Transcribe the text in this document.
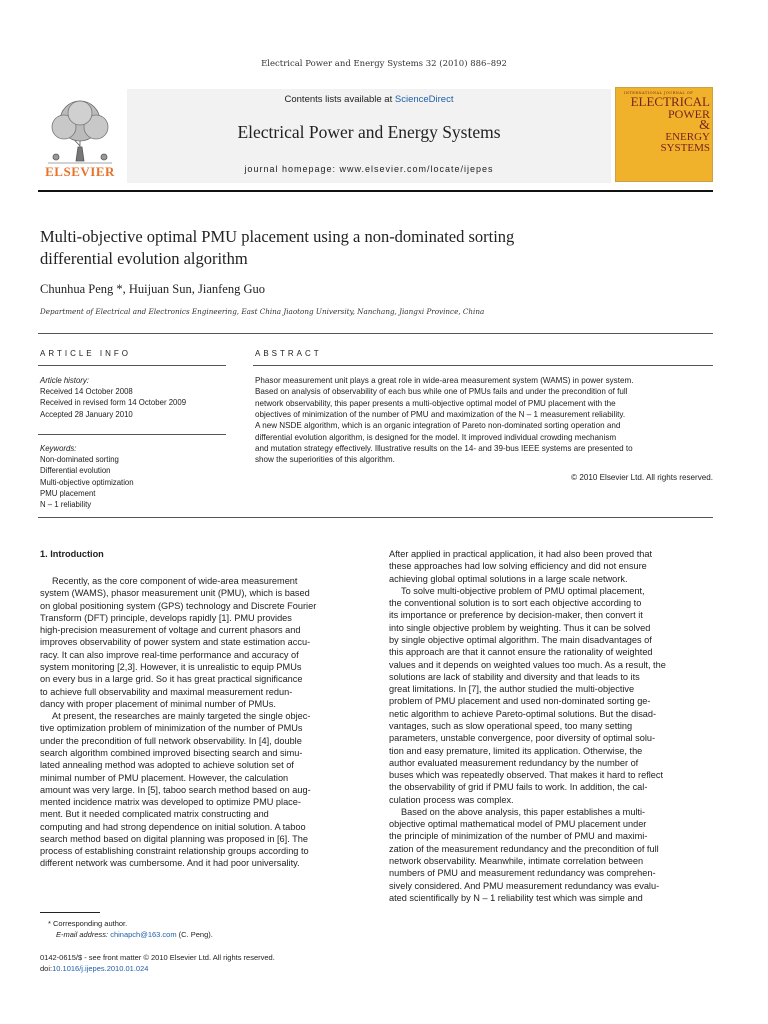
Electrical Power and Energy Systems 32 (2010) 886–892
ELSEVIER
Contents lists available at ScienceDirect
Electrical Power and Energy Systems
journal homepage: www.elsevier.com/locate/ijepes
INTERNATIONAL JOURNAL OF
ELECTRICAL
POWER
&
ENERGY
SYSTEMS
Multi-objective optimal PMU placement using a non-dominated sorting
differential evolution algorithm
Chunhua Peng *, Huijuan Sun, Jianfeng Guo
Department of Electrical and Electronics Engineering, East China Jiaotong University, Nanchang, Jiangxi Province, China
ARTICLE INFO
Article history:
Received 14 October 2008
Received in revised form 14 October 2009
Accepted 28 January 2010
Keywords:
Non-dominated sorting
Differential evolution
Multi-objective optimization
PMU placement
N – 1 reliability
ABSTRACT
Phasor measurement unit plays a great role in wide-area measurement system (WAMS) in power system.
Based on analysis of observability of each bus while one of PMUs fails and under the precondition of full
network observability, this paper presents a multi-objective optimal model of PMU placement with the
objectives of minimization of the number of PMU and maximization of the N – 1 measurement reliability.
A new NSDE algorithm, which is an organic integration of Pareto non-dominated sorting operation and
differential evolution algorithm, is designed for the model. It improved individual crowding mechanism
and mutation strategy effectively. Illustrative results on the 14- and 39-bus IEEE systems are presented to
show the superiorities of this algorithm.
© 2010 Elsevier Ltd. All rights reserved.
1. Introduction
Recently, as the core component of wide-area measurement
system (WAMS), phasor measurement unit (PMU), which is based
on global positioning system (GPS) technology and Discrete Fourier
Transform (DFT) principle, develops rapidly [1]. PMU provides
high-precision measurement of voltage and current phasors and
improves observability of power system and state estimation accu-
racy. It can also improve real-time performance and accuracy of
system monitoring [2,3]. However, it is unrealistic to equip PMUs
on every bus in a large grid. So it has great practical significance
to achieve full observability and maximal measurement redun-
dancy with proper placement of minimal number of PMUs.
At present, the researches are mainly targeted the single objec-
tive optimization problem of minimization of the number of PMUs
under the precondition of full network observability. In [4], double
search algorithm combined improved bisecting search and simu-
lated annealing method was adopted to achieve solution set of
minimal number of PMU placement. However, the calculation
amount was very large. In [5], taboo search method based on aug-
mented incidence matrix was developed to optimize PMU place-
ment. But it needed complicated matrix constructing and
computing and had strong dependence on initial solution. A taboo
search method based on digital planning was proposed in [6]. The
process of establishing constraint relationship groups according to
different network was cumbersome. And it had poor universality.
After applied in practical application, it had also been proved that
these approaches had low solving efficiency and did not ensure
achieving global optimal solutions in a large scale network.
To solve multi-objective problem of PMU optimal placement,
the conventional solution is to sort each objective according to
its importance or preference by decision-maker, then convert it
into single objective problem by weighting. Thus it can be solved
by single objective optimal algorithm. The main disadvantages of
this approach are that it cannot ensure the rationality of weighted
values and it depends on weighted values too much. As a result, the
solutions are lack of stability and diversity and that leads to its
great limitations. In [7], the author studied the multi-objective
problem of PMU placement and used non-dominated sorting ge-
netic algorithm to achieve Pareto-optimal solutions. But the disad-
vantages, such as slow operational speed, too many setting
parameters, unstable convergence, poor diversity of optimal solu-
tion and easy premature, limited its application. Otherwise, the
author evaluated measurement redundancy by the number of
buses which was repeatedly observed. That makes it hard to reflect
the observability of grid if PMU fails to work. In addition, the cal-
culation process was complex.
Based on the above analysis, this paper establishes a multi-
objective optimal mathematical model of PMU placement under
the principle of minimization of the number of PMU and maximi-
zation of the measurement redundancy and the precondition of full
network observability. Meanwhile, intimate correlation between
numbers of PMU and measurement redundancy was comprehen-
sively considered. And PMU measurement redundancy was evalu-
ated scientifically by N – 1 reliability test which was simple and
* Corresponding author.
E-mail address: chinapch@163.com (C. Peng).
0142-0615/$ - see front matter © 2010 Elsevier Ltd. All rights reserved.
doi:10.1016/j.ijepes.2010.01.024
